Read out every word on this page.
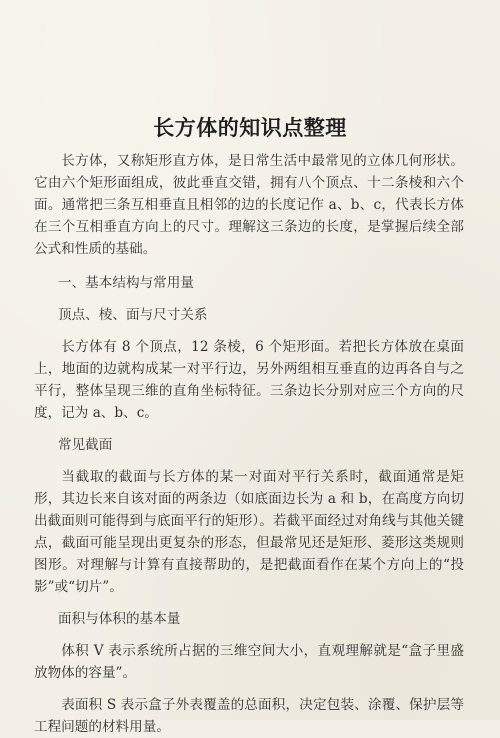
长方体的知识点整理

长方体，又称矩形直方体，是日常生活中最常见的立体几何形状。它由六个矩形面组成，彼此垂直交错，拥有八个顶点、十二条棱和六个面。通常把三条互相垂直且相邻的边的长度记作 a、b、c，代表长方体在三个互相垂直方向上的尺寸。理解这三条边的长度，是掌握后续全部公式和性质的基础。

一、基本结构与常用量

顶点、棱、面与尺寸关系

长方体有 8 个顶点，12 条棱，6 个矩形面。若把长方体放在桌面上，地面的边就构成某一对平行边，另外两组相互垂直的边再各自与之平行，整体呈现三维的直角坐标特征。三条边长分别对应三个方向的尺度，记为 a、b、c。

常见截面

当截取的截面与长方体的某一对面对平行关系时，截面通常是矩形，其边长来自该对面的两条边（如底面边长为 a 和 b，在高度方向切出截面则可能得到与底面平行的矩形）。若截平面经过对角线与其他关键点，截面可能呈现出更复杂的形态，但最常见还是矩形、菱形这类规则图形。对理解与计算有直接帮助的，是把截面看作在某个方向上的“投影”或“切片”。

面积与体积的基本量

体积 V 表示系统所占据的三维空间大小，直观理解就是“盒子里盛放物体的容量”。

表面积 S 表示盒子外表覆盖的总面积，决定包装、涂覆、保护层等工程问题的材料用量。
